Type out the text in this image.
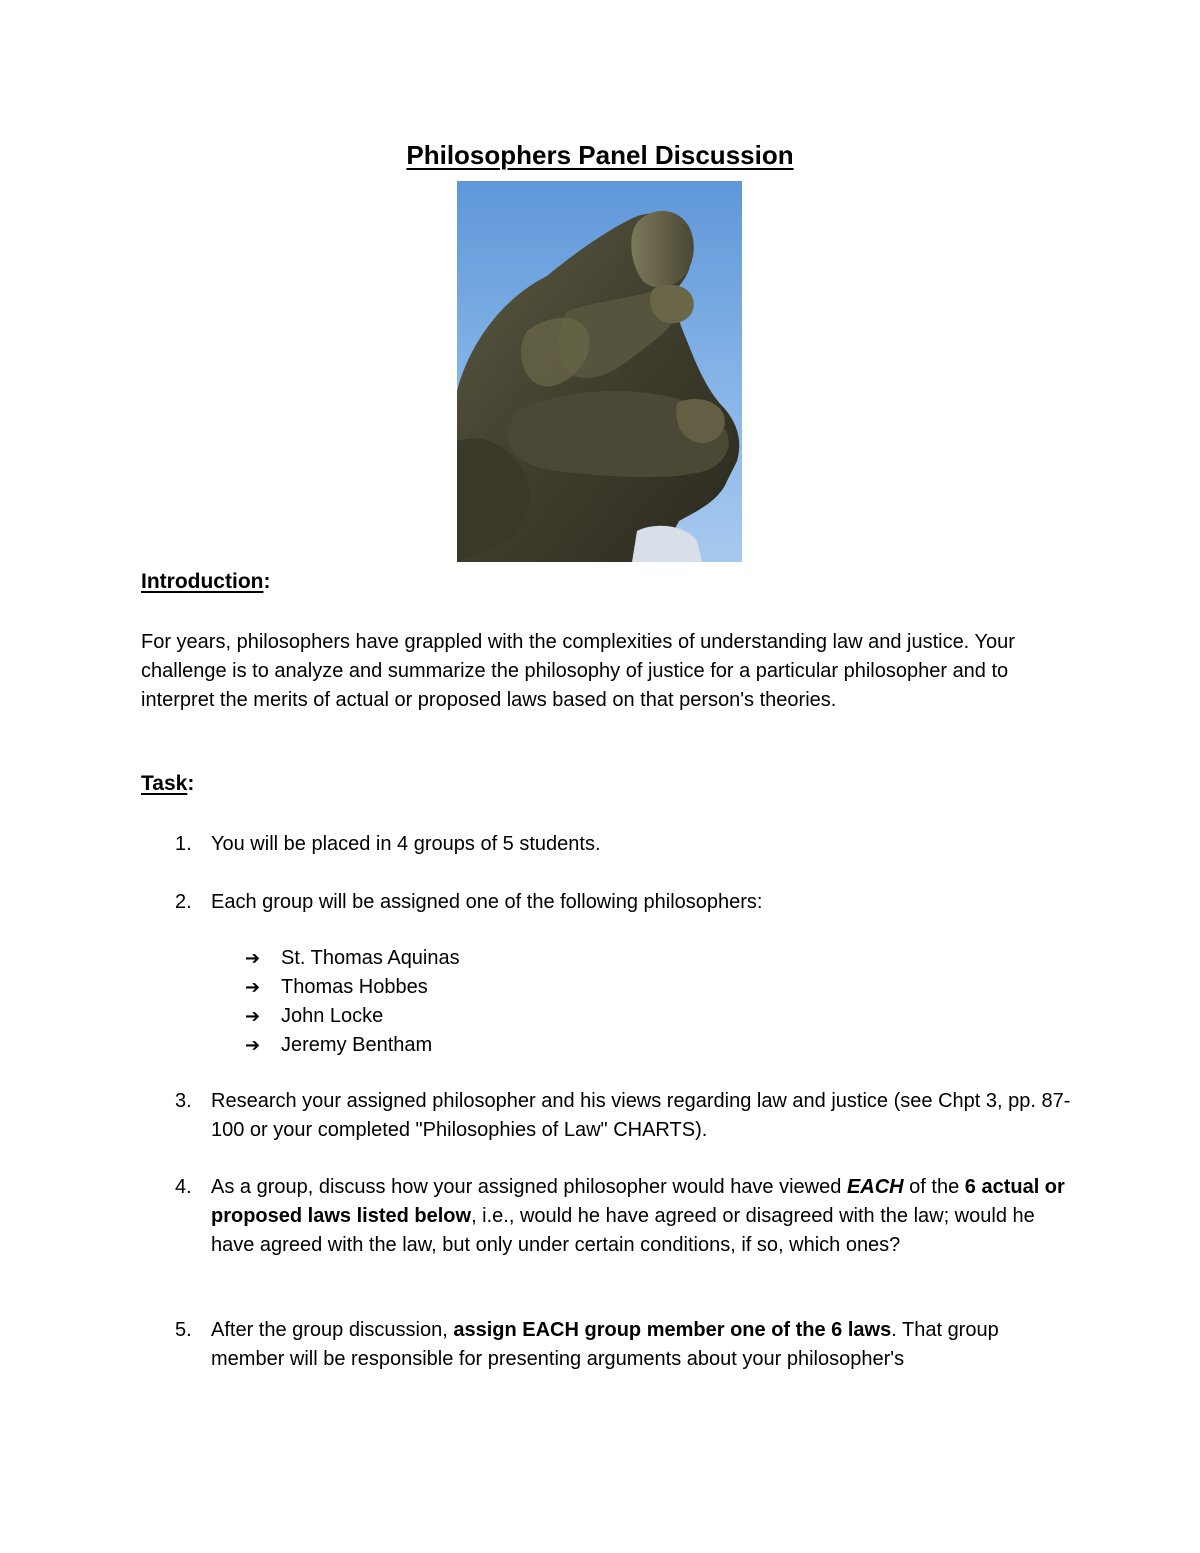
Philosophers Panel Discussion
Introduction:
For years, philosophers have grappled with the complexities of understanding law and justice. Your challenge is to analyze and summarize the philosophy of justice for a particular philosopher and to interpret the merits of actual or proposed laws based on that person's theories.
Task:
1. You will be placed in 4 groups of 5 students.
2. Each group will be assigned one of the following philosophers:
➔ St. Thomas Aquinas
➔ Thomas Hobbes
➔ John Locke
➔ Jeremy Bentham
3. Research your assigned philosopher and his views regarding law and justice (see Chpt 3, pp. 87-100 or your completed "Philosophies of Law" CHARTS).
4. As a group, discuss how your assigned philosopher would have viewed EACH of the 6 actual or proposed laws listed below, i.e., would he have agreed or disagreed with the law; would he have agreed with the law, but only under certain conditions, if so, which ones?
5. After the group discussion, assign EACH group member one of the 6 laws. That group member will be responsible for presenting arguments about your philosopher's
